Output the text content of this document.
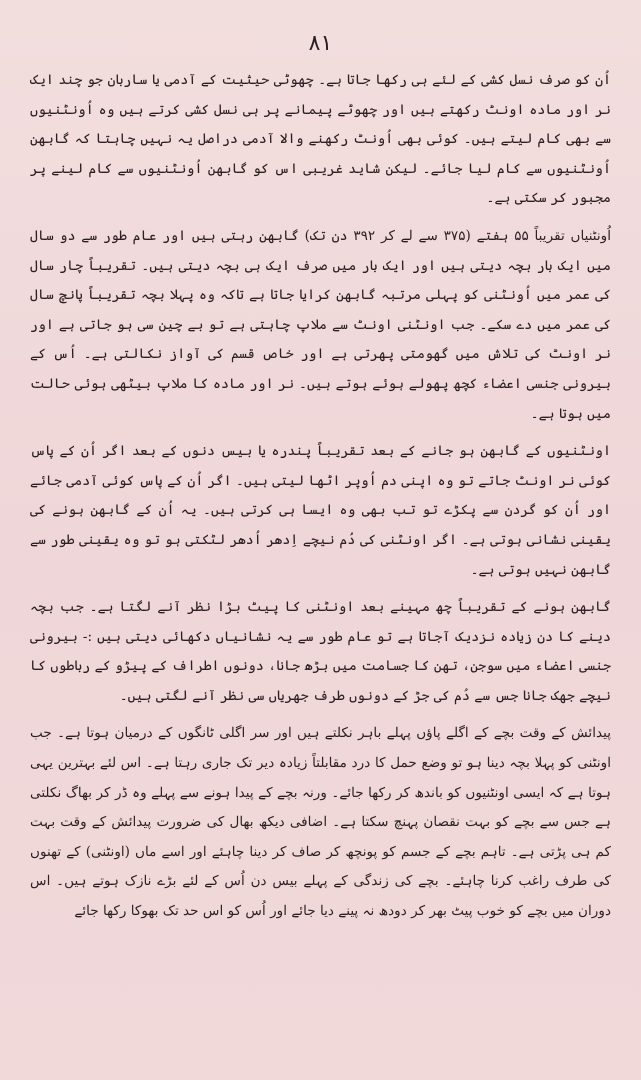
۸۱

اُن کو صرف نسل کشی کے لئے ہی رکھا جاتا ہے۔ چھوٹی حیثیت کے آدمی یا ساربان جو چند ایک نر اور مادہ اونٹ رکھتے ہیں اور چھوٹے پیمانے پر ہی نسل کشی کرتے ہیں وہ اُونٹنیوں سے بھی کام لیتے ہیں۔ کوئی بھی اُونٹ رکھنے والا آدمی دراصل یہ نہیں چاہتا کہ گابھن اُونٹنیوں سے کام لیا جائے۔ لیکن شاید غریبی اس کو گابھن اُونٹنیوں سے کام لینے پر مجبور کر سکتی ہے۔

اُونٹنیاں تقریباً ۵۵ ہفتے (۳۷۵ سے لے کر ۳۹۲ دن تک) گابھن رہتی ہیں اور عام طور سے دو سال میں ایک بار بچہ دیتی ہیں اور ایک بار میں صرف ایک ہی بچہ دیتی ہیں۔ تقریباً چار سال کی عمر میں اُونٹنی کو پہلی مرتبہ گابھن کرایا جاتا ہے تاکہ وہ پہلا بچہ تقریباً پانچ سال کی عمر میں دے سکے۔ جب اونٹنی اونٹ سے ملاپ چاہتی ہے تو بے چین سی ہو جاتی ہے اور نر اونٹ کی تلاش میں گھومتی پھرتی ہے اور خاص قسم کی آواز نکالتی ہے۔ اُس کے بیرونی جنسی اعضاء کچھ پھولے ہوئے ہوتے ہیں۔ نر اور مادہ کا ملاپ بیٹھی ہوئی حالت میں ہوتا ہے۔

اونٹنیوں کے گابھن ہو جانے کے بعد تقریباً پندرہ یا بیس دنوں کے بعد اگر اُن کے پاس کوئی نر اونٹ جاتے تو وہ اپنی دم اُوپر اٹھا لیتی ہیں۔ اگر اُن کے پاس کوئی آدمی جائے اور اُن کو گردن سے پکڑے تو تب بھی وہ ایسا ہی کرتی ہیں۔ یہ اُن کے گابھن ہونے کی یقینی نشانی ہوتی ہے۔ اگر اونٹنی کی دُم نیچے اِدھر اُدھر لٹکتی ہو تو وہ یقینی طور سے گابھن نہیں ہوتی ہے۔

گابھن ہونے کے تقریباً چھ مہینے بعد اونٹنی کا پیٹ بڑا نظر آنے لگتا ہے۔ جب بچہ دینے کا دن زیادہ نزدیک آجاتا ہے تو عام طور سے یہ نشانیاں دکھائی دیتی ہیں :- بیرونی جنسی اعضاء میں سوجن، تھن کا جسامت میں بڑھ جانا، دونوں اطراف کے پیڑو کے رباطوں کا نیچے جھک جانا جس سے دُم کی جڑ کے دونوں طرف جھریاں سی نظر آنے لگتی ہیں۔

پیدائش کے وقت بچے کے اگلے پاؤں پہلے باہر نکلتے ہیں اور سر اگلی ٹانگوں کے درمیان ہوتا ہے۔ جب اونٹنی کو پہلا بچہ دینا ہو تو وضع حمل کا درد مقابلتاً زیادہ دیر تک جاری رہتا ہے۔ اس لئے بہترین یہی ہوتا ہے کہ ایسی اونٹنیوں کو باندھ کر رکھا جائے۔ ورنہ بچے کے پیدا ہونے سے پہلے وہ ڈر کر بھاگ نکلتی ہے جس سے بچے کو بہت نقصان پہنچ سکتا ہے۔ اضافی دیکھ بھال کی ضرورت پیدائش کے وقت بہت کم ہی پڑتی ہے۔ تاہم بچے کے جسم کو پونچھ کر صاف کر دینا چاہئے اور اسے ماں (اونٹنی) کے تھنوں کی طرف راغب کرنا چاہئے۔ بچے کی زندگی کے پہلے بیس دن اُس کے لئے بڑے نازک ہوتے ہیں۔ اس دوران میں بچے کو خوب پیٹ بھر کر دودھ نہ پینے دیا جائے اور اُس کو اس حد تک بھوکا رکھا جائے
